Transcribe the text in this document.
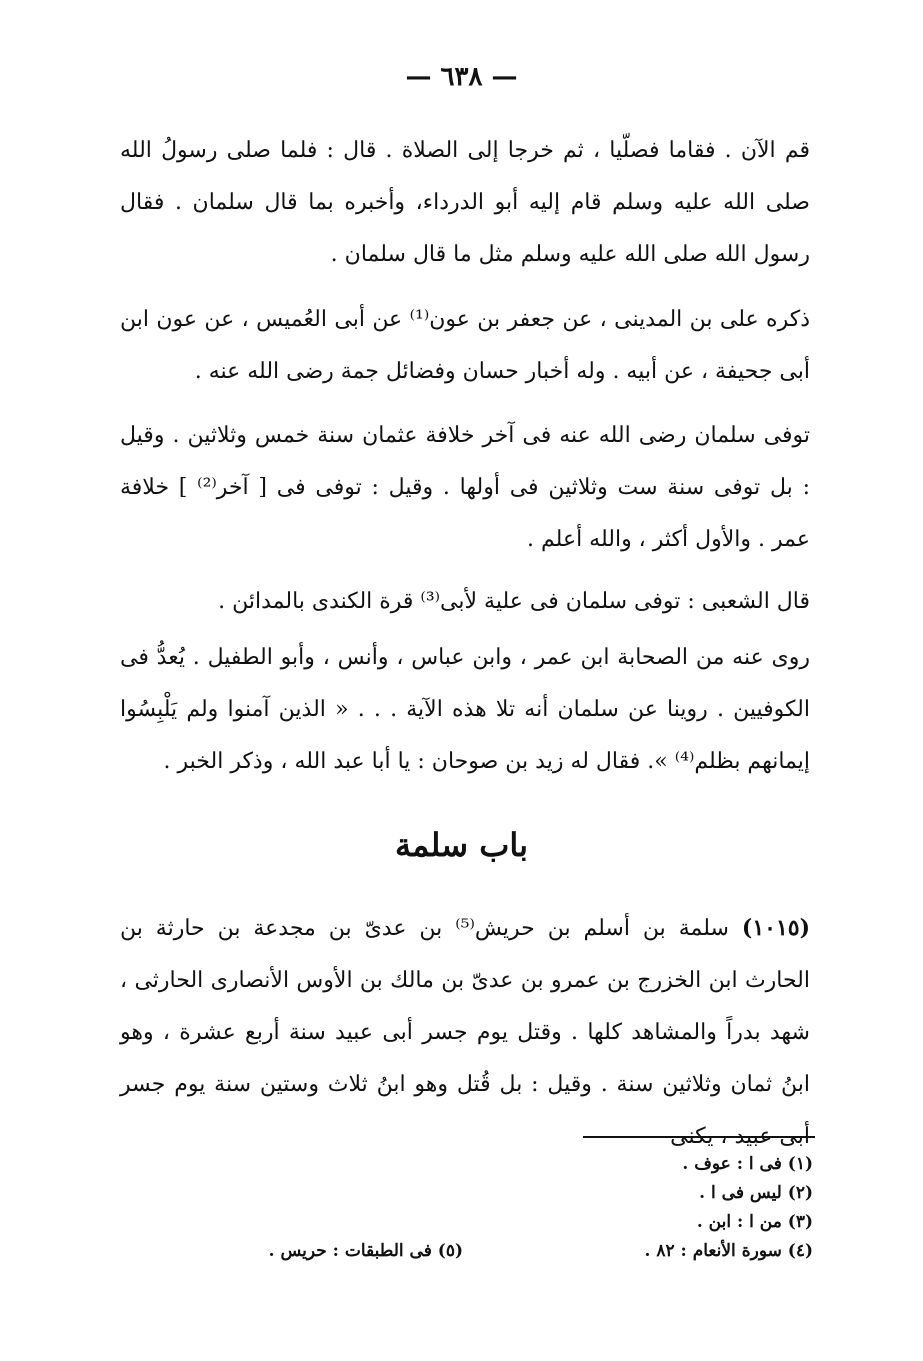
— ٦٣٨ —
قم الآن . فقاما فصلّيا ، ثم خرجا إلى الصلاة . قال : فلما صلى رسولُ الله صلى الله عليه وسلم قام إليه أبو الدرداء، وأخبره بما قال سلمان . فقال رسول الله صلى الله عليه وسلم مثل ما قال سلمان .
ذكره على بن المدينى ، عن جعفر بن عون⁽¹⁾ عن أبى العُميس ، عن عون ابن أبى جحيفة ، عن أبيه . وله أخبار حسان وفضائل جمة رضى الله عنه .
توفى سلمان رضى الله عنه فى آخر خلافة عثمان سنة خمس وثلاثين . وقيل : بل توفى سنة ست وثلاثين فى أولها . وقيل : توفى فى [ آخر⁽²⁾ ] خلافة عمر . والأول أكثر ، والله أعلم .
قال الشعبى : توفى سلمان فى علية لأبى⁽³⁾ قرة الكندى بالمدائن .
روى عنه من الصحابة ابن عمر ، وابن عباس ، وأنس ، وأبو الطفيل . يُعدُّ فى الكوفيين . روينا عن سلمان أنه تلا هذه الآية . . . « الذين آمنوا ولم يَلْبِسُوا إيمانهم بظلم⁽⁴⁾ ». فقال له زيد بن صوحان : يا أبا عبد الله ، وذكر الخبر .
باب سلمة
(١٠١٥) سلمة بن أسلم بن حريش⁽⁵⁾ بن عدىّ بن مجدعة بن حارثة بن الحارث ابن الخزرج بن عمرو بن عدىّ بن مالك بن الأوس الأنصارى الحارثى ، شهد بدراً والمشاهد كلها . وقتل يوم جسر أبى عبيد سنة أربع عشرة ، وهو ابنُ ثمان وثلاثين سنة . وقيل : بل قُتل وهو ابنُ ثلاث وستين سنة يوم جسر أبى عبيد ، يكنى
(١) فى ا : عوف .
(٢) ليس فى ا .
(٣) من ا : ابن .
(٤) سورة الأنعام : ٨٢ .
(٥) فى الطبقات : حريس .
